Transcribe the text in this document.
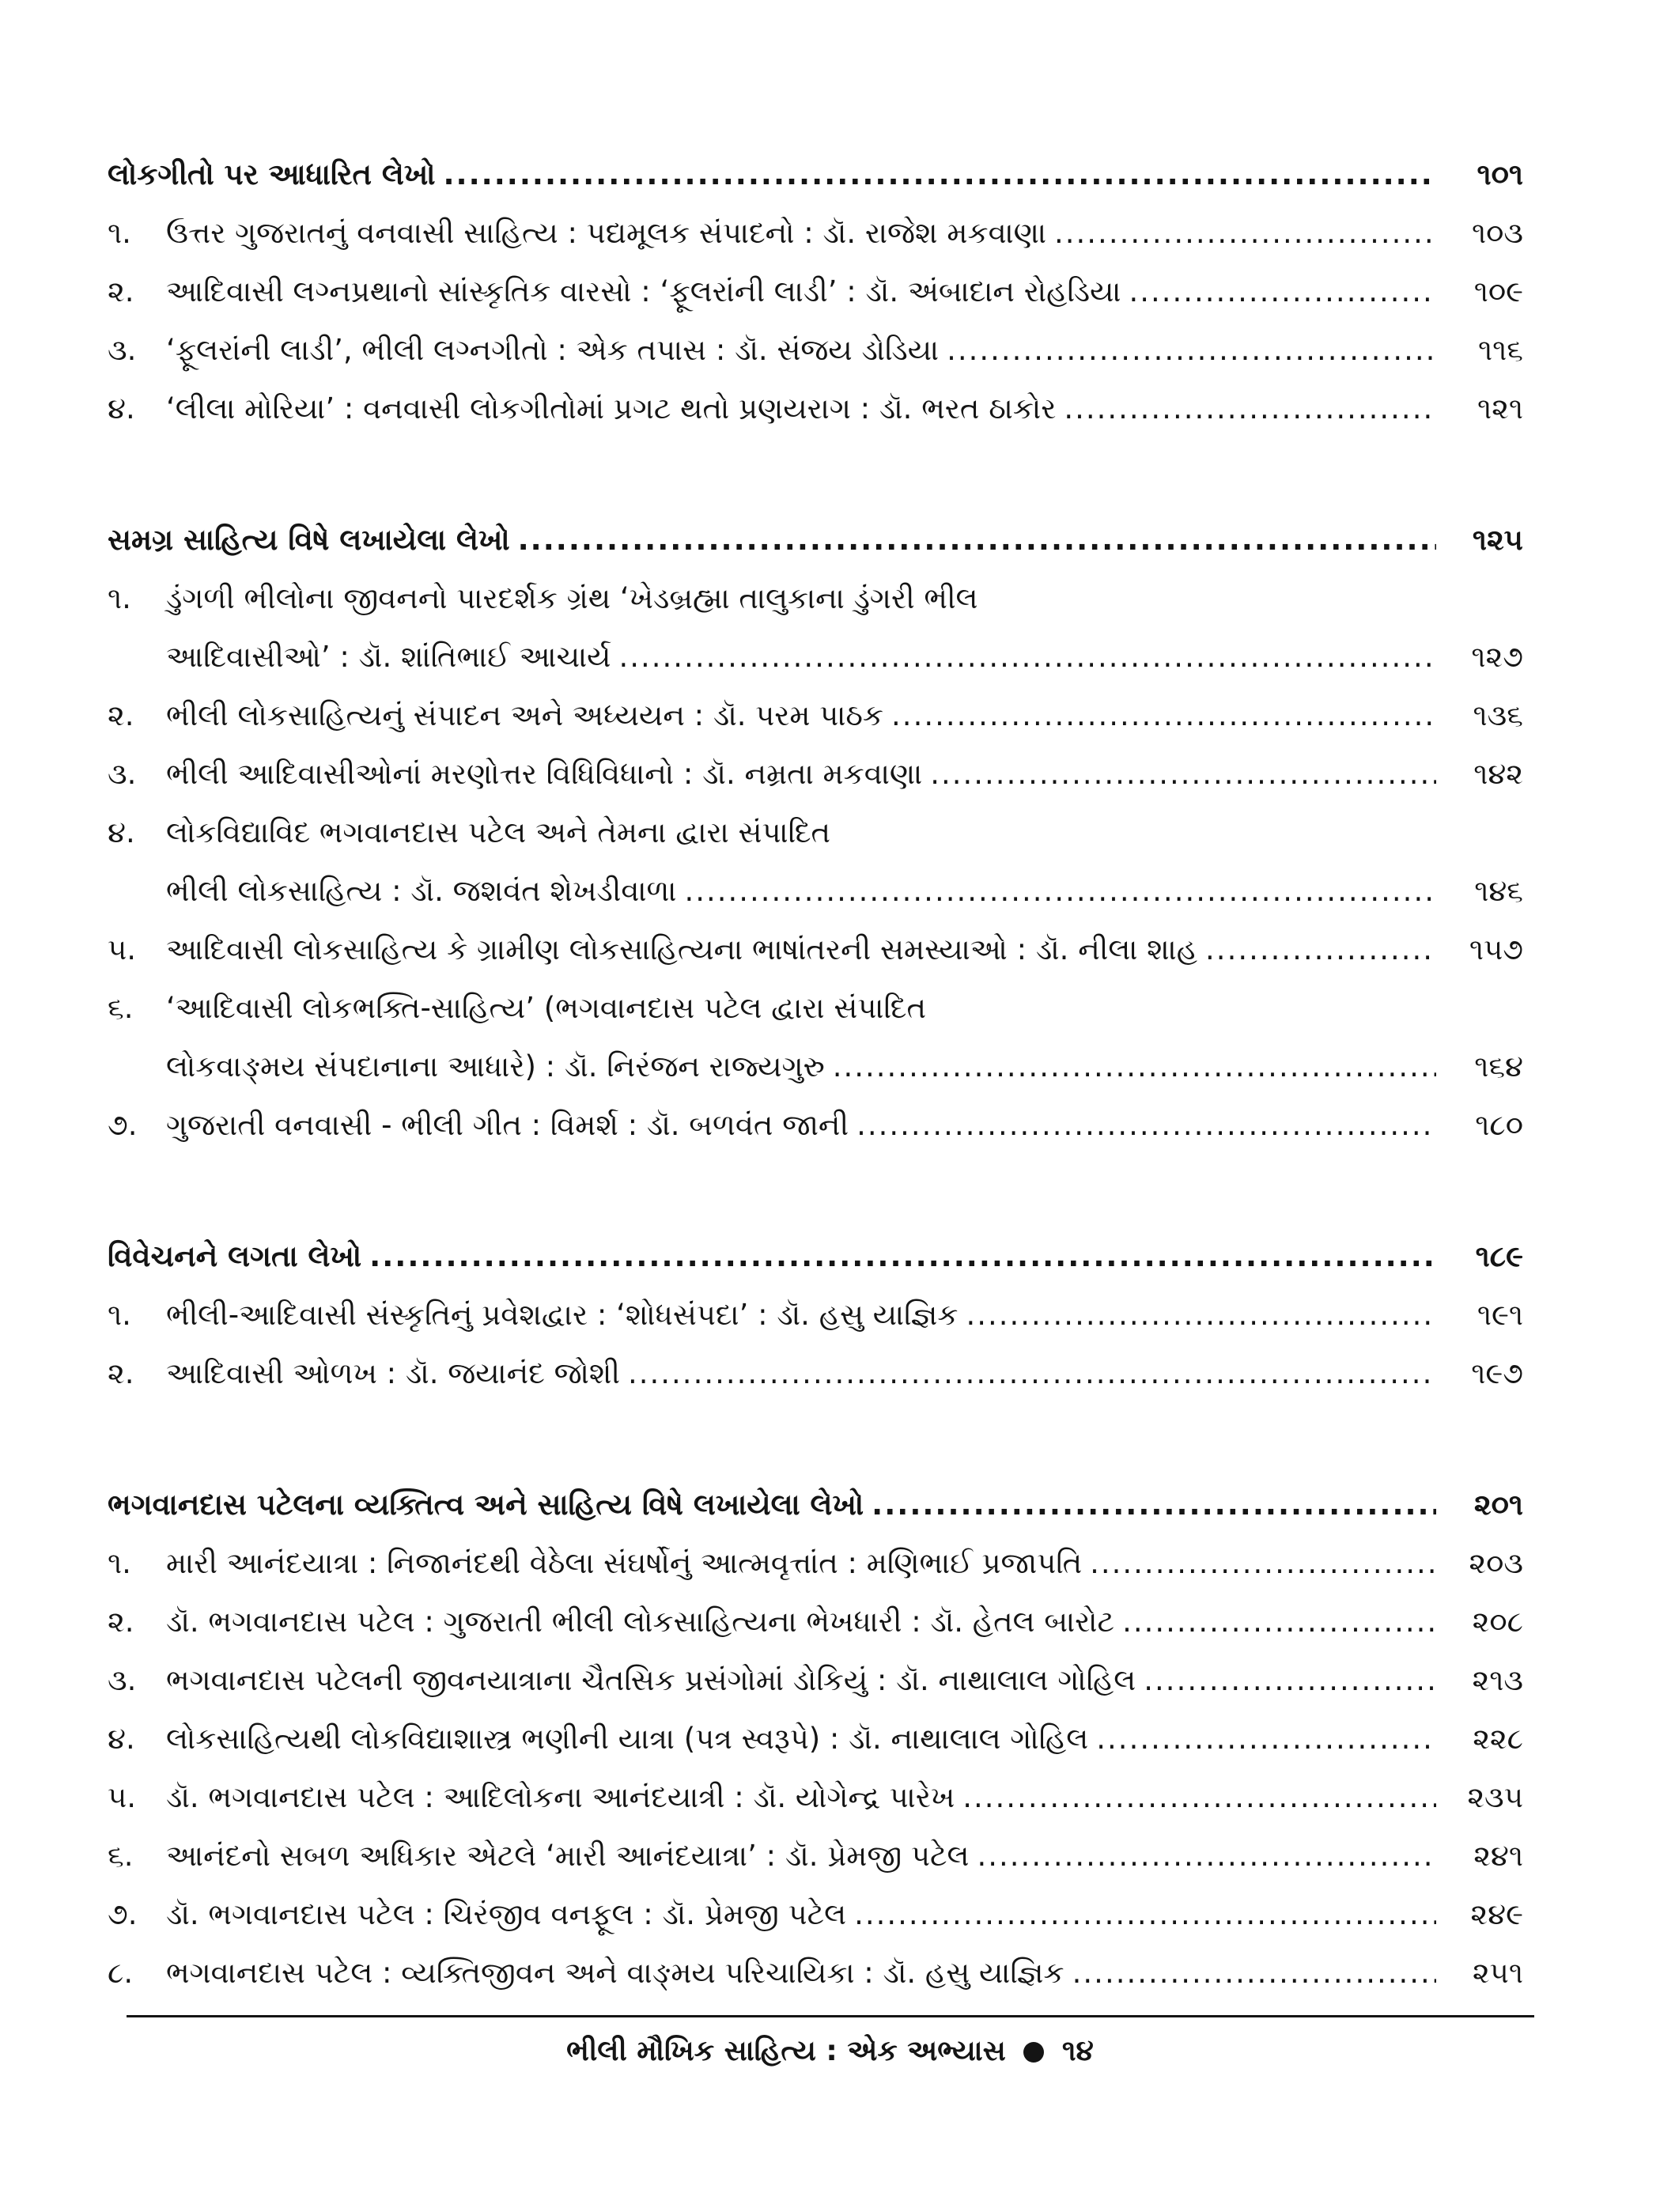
લોકગીતો પર આધારિત લેખો .....	૧૦૧
૧.	ઉત્તર ગુજરાતનું વનવાસી સાહિત્ય : પદ્યમૂલક સંપાદનો : ડૉ. રાજેશ મકવાણા .....	૧૦૩
૨.	આદિવાસી લગ્નપ્રથાનો સાંસ્કૃતિક વારસો : ‘ફૂલરાંની લાડી’ : ડૉ. અંબાદાન રોહડિયા .....	૧૦૯
૩.	‘ફૂલરાંની લાડી’, ભીલી લગ્નગીતો : એક તપાસ : ડૉ. સંજય ડોડિયા .....	૧૧૬
૪.	‘લીલા મોરિયા’ : વનવાસી લોકગીતોમાં પ્રગટ થતો પ્રણયરાગ : ડૉ. ભરત ઠાકોર .....	૧૨૧
સમગ્ર સાહિત્ય વિષે લખાયેલા લેખો .....	૧૨૫
૧.	ડુંગળી ભીલોના જીવનનો પારદર્શક ગ્રંથ ‘ખેડબ્રહ્મા તાલુકાના ડુંગરી ભીલ
આદિવાસીઓ’ : ડૉ. શાંતિભાઈ આચાર્ય .....	૧૨૭
૨.	ભીલી લોકસાહિત્યનું સંપાદન અને અધ્યયન : ડૉ. પરમ પાઠક .....	૧૩૬
૩.	ભીલી આદિવાસીઓનાં મરણોત્તર વિધિવિધાનો : ડૉ. નમ્રતા મકવાણા .....	૧૪૨
૪.	લોકવિદ્યાવિદ ભગવાનદાસ પટેલ અને તેમના દ્વારા સંપાદિત
ભીલી લોકસાહિત્ય : ડૉ. જશવંત શેખડીવાળા .....	૧૪૬
૫.	આદિવાસી લોકસાહિત્ય કે ગ્રામીણ લોકસાહિત્યના ભાષાંતરની સમસ્યાઓ : ડૉ. નીલા શાહ .....	૧૫૭
૬.	‘આદિવાસી લોકભક્તિ-સાહિત્ય’ (ભગવાનદાસ પટેલ દ્વારા સંપાદિત
લોકવાઙ્મય સંપદાનાના આધારે) : ડૉ. નિરંજન રાજ્યગુરુ .....	૧૬૪
૭. ગુજરાતી વનવાસી - ભીલી ગીત : વિમર્શ : ડૉ. બળવંત જાની .....	૧૮૦
વિવેચનને લગતા લેખો .....	૧૮૯
૧.	ભીલી-આદિવાસી સંસ્કૃતિનું પ્રવેશદ્વાર : ‘શોધસંપદા’ : ડૉ. હસુ યાજ્ઞિક .....	૧૯૧
૨.	આદિવાસી ઓળખ : ડૉ. જયાનંદ જોશી .....	૧૯૭
ભગવાનદાસ પટેલના વ્યક્તિત્વ અને સાહિત્ય વિષે લખાયેલા લેખો .....	૨૦૧
૧.	મારી આનંદયાત્રા : નિજાનંદથી વેઠેલા સંઘર્ષોનું આત્મવૃત્તાંત : મણિભાઈ પ્રજાપતિ .....	૨૦૩
૨.	ડૉ. ભગવાનદાસ પટેલ : ગુજરાતી ભીલી લોકસાહિત્યના ભેખધારી : ડૉ. હેતલ બારોટ .....	૨૦૮
૩.	ભગવાનદાસ પટેલની જીવનયાત્રાના ચૈતસિક પ્રસંગોમાં ડોકિયું : ડૉ. નાથાલાલ ગોહિલ .....	૨૧૩
૪.	લોકસાહિત્યથી લોકવિદ્યાશાસ્ત્ર ભણીની યાત્રા (પત્ર સ્વરૂપે) : ડૉ. નાથાલાલ ગોહિલ .....	૨૨૮
૫.	ડૉ. ભગવાનદાસ પટેલ : આદિલોકના આનંદયાત્રી : ડૉ. યોગેન્દ્ર પારેખ .....	૨૩૫
૬.	આનંદનો સબળ અધિકાર એટલે ‘મારી આનંદયાત્રા’ : ડૉ. પ્રેમજી પટેલ .....	૨૪૧
૭. ડૉ. ભગવાનદાસ પટેલ : ચિરંજીવ વનફૂલ : ડૉ. પ્રેમજી પટેલ .....	૨૪૯
૮.	ભગવાનદાસ પટેલ : વ્યક્તિજીવન અને વાઙ્મય પરિચાયિકા : ડૉ. હસુ યાજ્ઞિક .....	૨૫૧
ભીલી મૌખિક સાહિત્ય : એક અભ્યાસ ૧૪
